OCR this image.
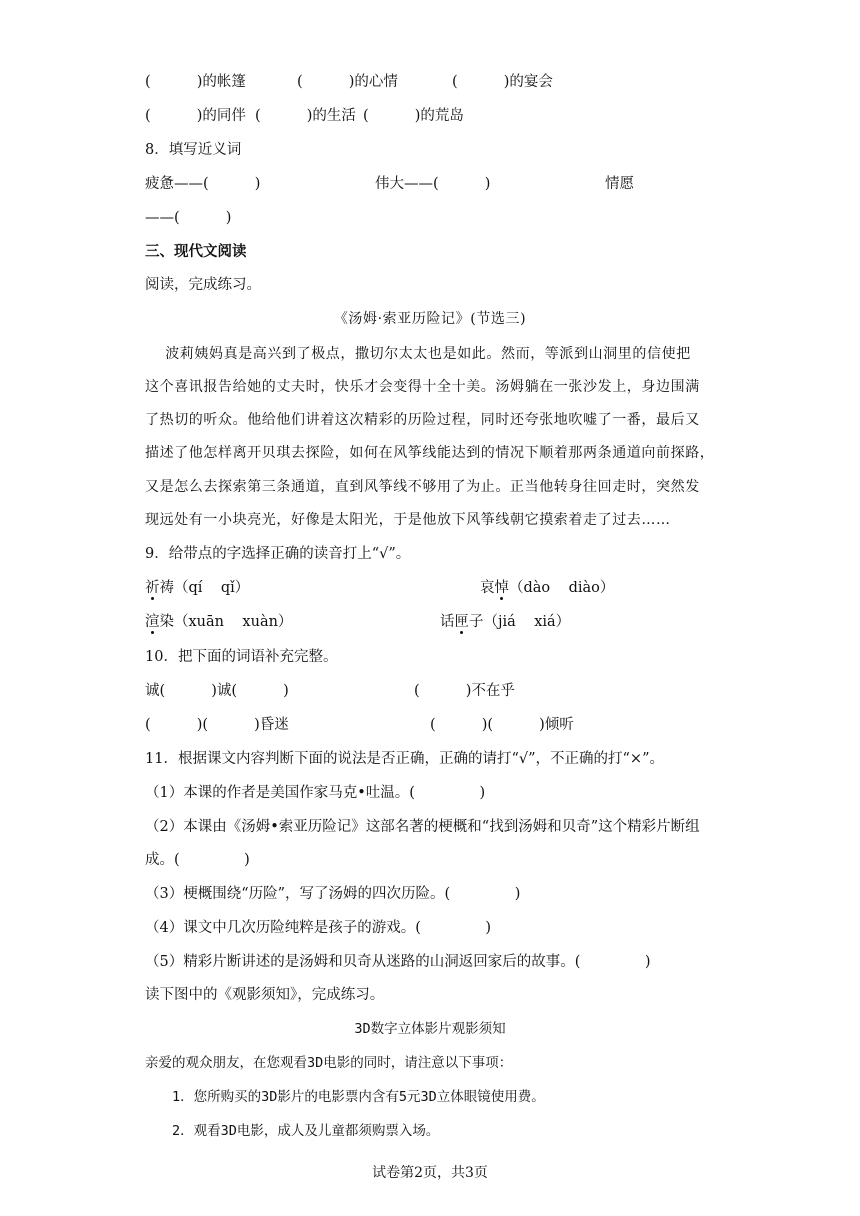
(          )的帐篷	(          )的心情	(          )的宴会
(          )的同伴 (          )的生活 (          )的荒岛
8．填写近义词
疲惫——(          )	伟大——(          )	情愿
——(          )
三、现代文阅读
阅读，完成练习。
《汤姆·索亚历险记》(节选三)
波莉姨妈真是高兴到了极点，撒切尔太太也是如此。然而，等派到山洞里的信使把
这个喜讯报告给她的丈夫时，快乐才会变得十全十美。汤姆躺在一张沙发上，身边围满
了热切的听众。他给他们讲着这次精彩的历险过程，同时还夸张地吹嘘了一番，最后又
描述了他怎样离开贝琪去探险，如何在风筝线能达到的情况下顺着那两条通道向前探路，
又是怎么去探索第三条通道，直到风筝线不够用了为止。正当他转身往回走时，突然发
现远处有一小块亮光，好像是太阳光，于是他放下风筝线朝它摸索着走了过去……
9．给带点的字选择正确的读音打上“√”。
祈祷（qí    qǐ）	哀悼（dào    diào）
渲染（xuān    xuàn）	话匣子（jiá    xiá）
10．把下面的词语补充完整。
诚(          )诚(          )	(          )不在乎
(          )(          )昏迷	(          )(          )倾听
11．根据课文内容判断下面的说法是否正确，正确的请打“√”，不正确的打“×”。
（1）本课的作者是美国作家马克•吐温。(              )
（2）本课由《汤姆•索亚历险记》这部名著的梗概和“找到汤姆和贝奇”这个精彩片断组
成。(              )
（3）梗概围绕“历险”，写了汤姆的四次历险。(              )
（4）课文中几次历险纯粹是孩子的游戏。(              )
（5）精彩片断讲述的是汤姆和贝奇从迷路的山洞返回家后的故事。(              )
读下图中的《观影须知》，完成练习。
3D数字立体影片观影须知
亲爱的观众朋友，在您观看3D电影的同时，请注意以下事项：
1．您所购买的3D影片的电影票内含有5元3D立体眼镜使用费。
2．观看3D电影，成人及儿童都须购票入场。
试卷第2页，共3页
